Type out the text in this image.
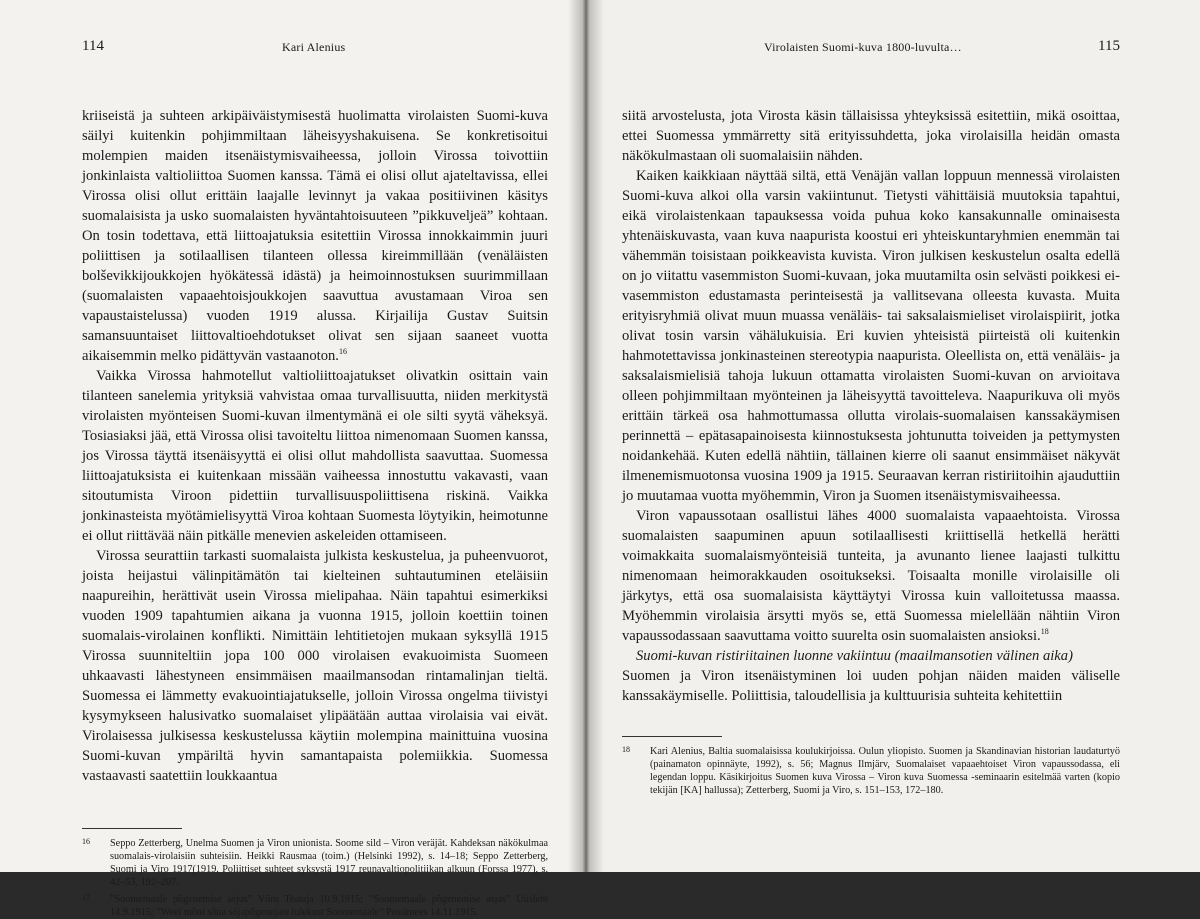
114	Kari Alenius

kriiseistä ja suhteen arkipäiväistymisestä huolimatta virolaisten Suomi-kuva säilyi kuitenkin pohjimmiltaan läheisyyshakuisena. Se konkretisoitui molempien maiden itsenäistymisvaiheessa, jolloin Virossa toivottiin jonkinlaista valtioliittoa Suomen kanssa. Tämä ei olisi ollut ajateltavissa, ellei Virossa olisi ollut erittäin laajalle levinnyt ja vakaa positiivinen käsitys suomalaisista ja usko suomalaisten hyväntahtoisuuteen ”pikkuveljeä” kohtaan. On tosin todettava, että liittoajatuksia esitettiin Virossa innokkaimmin juuri poliittisen ja sotilaallisen tilanteen ollessa kireimmillään (venäläisten bolševikkijoukkojen hyökätessä idästä) ja heimoinnostuksen suurimmillaan (suomalaisten vapaaehtoisjoukkojen saavuttua avustamaan Viroa sen vapaustaistelussa) vuoden 1919 alussa. Kirjailija Gustav Suitsin samansuuntaiset liittovaltioehdotukset olivat sen sijaan saaneet vuotta aikaisemmin melko pidättyvän vastaanoton.$^{16}$

Vaikka Virossa hahmotellut valtioliittoajatukset olivatkin osittain vain tilanteen sanelemia yrityksiä vahvistaa omaa turvallisuutta, niiden merkitystä virolaisten myönteisen Suomi-kuvan ilmentymänä ei ole silti syytä väheksyä. Tosiasiaksi jää, että Virossa olisi tavoiteltu liittoa nimenomaan Suomen kanssa, jos Virossa täyttä itsenäisyyttä ei olisi ollut mahdollista saavuttaa. Suomessa liittoajatuksista ei kuitenkaan missään vaiheessa innostuttu vakavasti, vaan sitoutumista Viroon pidettiin turvallisuuspoliittisena riskinä. Vaikka jonkinasteista myötämielisyyttä Viroa kohtaan Suomesta löytyikin, heimotunne ei ollut riittävää näin pitkälle menevien askeleiden ottamiseen.

Virossa seurattiin tarkasti suomalaista julkista keskustelua, ja puheenvuorot, joista heijastui välinpitämätön tai kielteinen suhtautuminen eteläisiin naapureihin, herättivät usein Virossa mielipahaa. Näin tapahtui esimerkiksi vuoden 1909 tapahtumien aikana ja vuonna 1915, jolloin koettiin toinen suomalais-virolainen konflikti. Nimittäin lehtitietojen mukaan syksyllä 1915 Virossa suunniteltiin jopa 100 000 virolaisen evakuoimista Suomeen uhkaavasti lähestyneen ensimmäisen maailmansodan rintamalinjan tieltä. Suomessa ei lämmetty evakuointiajatukselle, jolloin Virossa ongelma tiivistyi kysymykseen halusivatko suomalaiset ylipäätään auttaa virolaisia vai eivät. Virolaisessa julkisessa keskustelussa käytiin molempina mainittuina vuosina Suomi-kuvan ympäriltä hyvin samantapaista polemiikkia. Suomessa vastaavasti saatettiin loukkaantua

16 Seppo Zetterberg, Unelma Suomen ja Viron unionista. Soome sild – Viron veräjät. Kahdeksan näkökulmaa suomalais-virolaisiin suhteisiin. Heikki Rausmaa (toim.) (Helsinki 1992), s. 14–18; Seppo Zetterberg, Suomi ja Viro 1917(1919. Poliittiset suhteet syksystä 1917 reunavaltiopolitiikan alkuun (Forssa 1977), s. 42–53, 192–207.
17 ”Soomemaale põgenemise asjus” Võru Teataja 10.9.1915; ”Soomemaale põgenemise asjas” Uusleht 14.9.1915; ”Weel mõni sõna sõjapõgenejate tulekust Soomemaale” Postimees 14.11.1915.
Virolaisten Suomi-kuva 1800-luvulta…	115

siitä arvostelusta, jota Virosta käsin tällaisissa yhteyksissä esitettiin, mikä osoittaa, ettei Suomessa ymmärretty sitä erityissuhdetta, joka virolaisilla heidän omasta näkökulmastaan oli suomalaisiin nähden.

Kaiken kaikkiaan näyttää siltä, että Venäjän vallan loppuun mennessä virolaisten Suomi-kuva alkoi olla varsin vakiintunut. Tietysti vähittäisiä muutoksia tapahtui, eikä virolaistenkaan tapauksessa voida puhua koko kansakunnalle ominaisesta yhtenäiskuvasta, vaan kuva naapurista koostui eri yhteiskuntaryhmien enemmän tai vähemmän toisistaan poikkeavista kuvista. Viron julkisen keskustelun osalta edellä on jo viitattu vasemmiston Suomi-kuvaan, joka muutamilta osin selvästi poikkesi ei-vasemmiston edustamasta perinteisestä ja vallitsevana olleesta kuvasta. Muita erityisryhmiä olivat muun muassa venäläis- tai saksalaismieliset virolaispiirit, jotka olivat tosin varsin vähälukuisia. Eri kuvien yhteisistä piirteistä oli kuitenkin hahmotettavissa jonkinasteinen stereotypia naapurista. Oleellista on, että venäläis- ja saksalaismielisiä tahoja lukuun ottamatta virolaisten Suomi-kuvan on arvioitava olleen pohjimmiltaan myönteinen ja läheisyyttä tavoitteleva. Naapurikuva oli myös erittäin tärkeä osa hahmottumassa ollutta virolais-suomalaisen kanssakäymisen perinnettä – epätasapainoisesta kiinnostuksesta johtunutta toiveiden ja pettymysten noidankehää. Kuten edellä nähtiin, tällainen kierre oli saanut ensimmäiset näkyvät ilmenemismuotonsa vuosina 1909 ja 1915. Seuraavan kerran ristiriitoihin ajauduttiin jo muutamaa vuotta myöhemmin, Viron ja Suomen itsenäistymisvaiheessa.

Viron vapaussotaan osallistui lähes 4000 suomalaista vapaaehtoista. Virossa suomalaisten saapuminen apuun sotilaallisesti kriittisellä hetkellä herätti voimakkaita suomalaismyönteisiä tunteita, ja avunanto lienee laajasti tulkittu nimenomaan heimorakkauden osoitukseksi. Toisaalta monille virolaisille oli järkytys, että osa suomalaisista käyttäytyi Virossa kuin valloitetussa maassa. Myöhemmin virolaisia ärsytti myös se, että Suomessa mielellään nähtiin Viron vapaussodassaan saavuttama voitto suurelta osin suomalaisten ansioksi.$^{18}$

Suomi-kuvan ristiriitainen luonne vakiintuu (maailmansotien välinen aika)

Suomen ja Viron itsenäistyminen loi uuden pohjan näiden maiden väliselle kanssakäymiselle. Poliittisia, taloudellisia ja kulttuurisia suhteita kehitettiin

18 Kari Alenius, Baltia suomalaisissa koulukirjoissa. Oulun yliopisto. Suomen ja Skandinavian historian laudaturtyö (painamaton opinnäyte, 1992), s. 56; Magnus Ilmjärv, Suomalaiset vapaaehtoiset Viron vapaussodassa, eli legendan loppu. Käsikirjoitus Suomen kuva Virossa – Viron kuva Suomessa -seminaarin esitelmää varten (kopio tekijän [KA] hallussa); Zetterberg, Suomi ja Viro, s. 151–153, 172–180.
